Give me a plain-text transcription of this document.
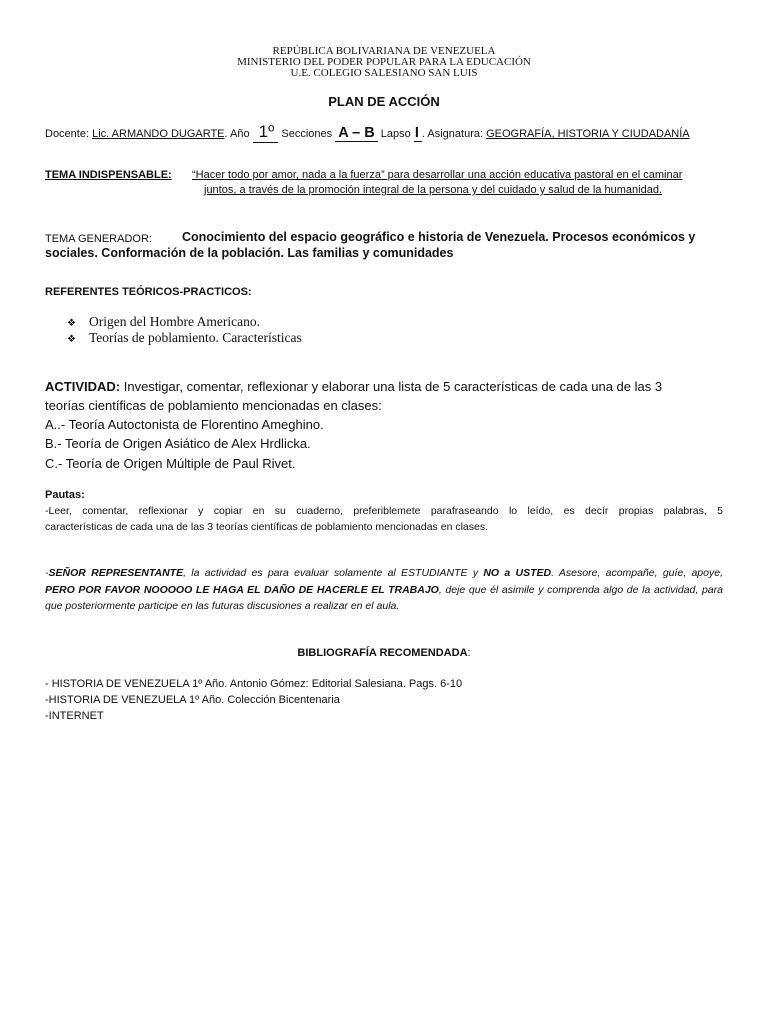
REPÚBLICA BOLIVARIANA DE VENEZUELA
MINISTERIO DEL PODER POPULAR PARA LA EDUCACIÓN
U.E. COLEGIO SALESIANO SAN LUIS
PLAN DE ACCIÓN
Docente: Lic. ARMANDO DUGARTE. Año 1º Secciones A – B Lapso I . Asignatura: GEOGRAFÍA, HISTORIA Y CIUDADANÍA
TEMA INDISPENSABLE: “Hacer todo por amor, nada a la fuerza” para desarrollar una acción educativa pastoral en el caminar
juntos, a través de la promoción integral de la persona y del cuidado y salud de la humanidad.
TEMA GENERADOR: Conocimiento del espacio geográfico e historia de Venezuela. Procesos económicos y
sociales. Conformación de la población. Las familias y comunidades
REFERENTES TEÓRICOS-PRACTICOS:
❖ Origen del Hombre Americano.
❖ Teorías de poblamiento. Características
ACTIVIDAD: Investigar, comentar, reflexionar y elaborar una lista de 5 características de cada una de las 3
teorías científicas de poblamiento mencionadas en clases:
A..- Teoría Autoctonista de Florentino Ameghino.
B.- Teoría de Origen Asiático de Alex Hrdlicka.
C.- Teoría de Origen Múltiple de Paul Rivet.
Pautas:
-Leer, comentar, reflexionar y copiar en su cuaderno, preferiblemete parafraseando lo leído, es decír propias palabras, 5
características de cada una de las 3 teorías científicas de poblamiento mencionadas en clases.
-SEÑOR REPRESENTANTE, la actividad es para evaluar solamente al ESTUDIANTE y NO a USTED. Asesore, acompañe, guíe, apoye,
PERO POR FAVOR NOOOOO LE HAGA EL DAÑO DE HACERLE EL TRABAJO, deje que él asimile y comprenda algo de la actividad, para
que posteriormente participe en las futuras discusiones a realizar en el aula.
BIBLIOGRAFÍA RECOMENDADA:
- HISTORIA DE VENEZUELA 1º Año. Antonio Gómez: Editorial Salesiana. Pags. 6-10
-HISTORIA DE VENEZUELA 1º Año. Colección Bicentenaria
-INTERNET
